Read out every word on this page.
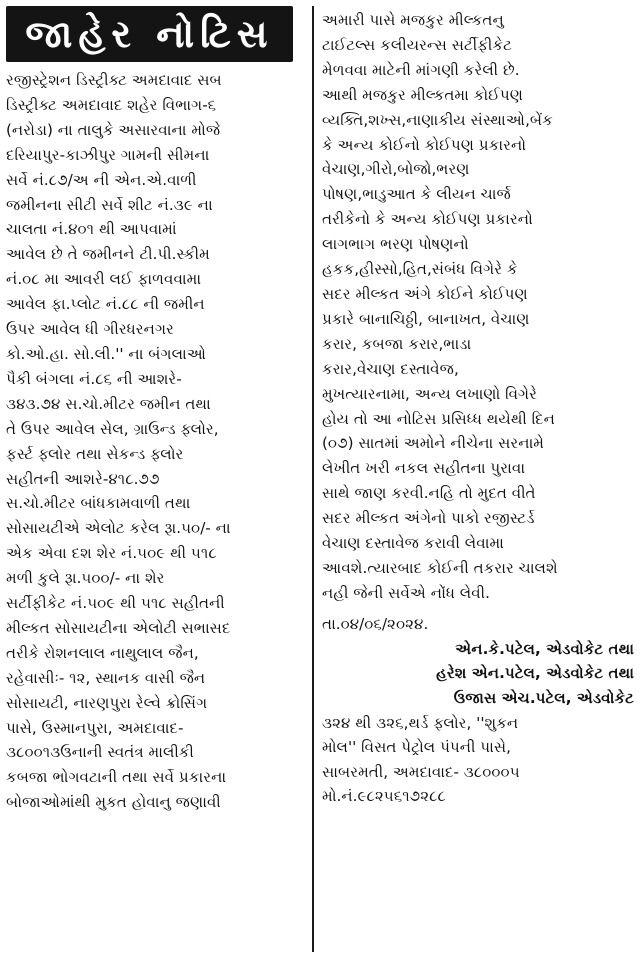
જાહેર નોટિસ
રજીસ્ટ્રેશન ડિસ્ટ્રીક્ટ અમદાવાદ સબ
ડિસ્ટ્રીક્ટ અમદાવાદ શહેર વિભાગ-૬
(નરોડા) ના તાલુકે અસારવાના મોજે
દરિયાપુર-કાઝીપુર ગામની સીમના
સર્વે નં.૮૭/અ ની એન.એ.વાળી
જમીનના સીટી સર્વે શીટ નં.૩૯ ના
ચાલતા નં.૪૦૧ થી આપવામાં
આવેલ છે તે જમીનને ટી.પી.સ્કીમ
નં.૦૮ મા આવરી લઈ ફાળવવામા
આવેલ ફા.પ્લોટ નં.૮૮ ની જમીન
ઉપર આવેલ ધી ગીરધરનગર
કો.ઓ.હા. સો.લી.'' ના બંગલાઓ
પૈકી બંગલા નં.૮૬ ની આશરે-
૩૪૩.૭૪ સ.ચો.મીટર જમીન તથા
તે ઉપર આવેલ સેલ, ગ્રાઉન્ડ ફ્લોર,
ફર્સ્ટ ફ્લોર તથા સેકન્ડ ફ્લોર
સહીતની આશરે-૪૧૮.૭૭
સ.ચો.મીટર બાંધકામવાળી તથા
સોસાયટીએ એલોટ કરેલ રૂા.૫૦/- ના
એક એવા દશ શેર નં.૫૦૯ થી ૫૧૮
મળી કુલે રૂા.૫૦૦/- ના શેર
સર્ટીફીકેટ નં.૫૦૯ થી ૫૧૮ સહીતની
મીલ્કત સોસાયટીના એલોટી સભાસદ
તરીકે રોશનલાલ નાથુલાલ જૈન,
રહેવાસીઃ- ૧૨, સ્થાનક વાસી જૈન
સોસાયટી, નારણપુરા રેલ્વે ક્રોસિંગ
પાસે, ઉસ્માનપુરા, અમદાવાદ-
૩૮૦૦૧૩ઉનાની સ્વતંત્ર માલીકી
કબજા ભોગવટાની તથા સર્વે પ્રકારના
બોજાઓમાંથી મુકત હોવાનુ જણાવી
અમારી પાસે મજકુર મીલ્કતનુ
ટાઈટલ્સ કલીયરન્સ સર્ટીફીકેટ
મેળવવા માટેની માંગણી કરેલી છે.
આથી મજકુર મીલ્કતમા કોઈપણ
વ્યક્તિ,શખ્સ,નાણાકીય સંસ્થાઓ,બેંક
કે અન્ય કોઈનો કોઈપણ પ્રકારનો
વેચાણ,ગીરો,બોજો,ભરણ
પોષણ,ભાડુઆત કે લીયન ચાર્જ
તરીકેનો કે અન્ય કોઈપણ પ્રકારનો
લાગભાગ ભરણ પોષણનો
હકક,હીસ્સો,હિત,સંબંધ વિગેરે કે
સદર મીલ્કત અંગે કોઈને કોઈપણ
પ્રકારે બાનાચિઠ્ઠી, બાનાખત, વેચાણ
કરાર, કબજા કરાર,ભાડા
કરાર,વેચાણ દસ્તાવેજ,
મુખત્યારનામા, અન્ય લખાણો વિગેરે
હોય તો આ નોટિસ પ્રસિધ્ધ થયેથી દિન
(૦૭) સાતમાં અમોને નીચેના સરનામે
લેખીત ખરી નકલ સહીતના પુરાવા
સાથે જાણ કરવી.નહિ તો મુદત વીતે
સદર મીલ્કત અંગેનો પાકો રજીસ્ટર્ડ
વેચાણ દસ્તાવેજ કરાવી લેવામા
આવશે.ત્યારબાદ કોઈની તકરાર ચાલશે
નહી જેની સર્વેએ નોંધ લેવી.
તા.૦૪/૦૬/૨૦૨૪.
એન.કે.પટેલ, એડવોકેટ તથા
હરેશ એન.પટેલ, એડવોકેટ તથા
ઉજાસ એચ.પટેલ, એડવોકેટ
૩૨૪ થી ૩૨૬,થર્ડ ફ્લોર, ''શુકન
મોલ'' વિસત પેટ્રોલ પંપની પાસે,
સાબરમતી, અમદાવાદ- ૩૮૦૦૦૫
મો.નં.૯૮૨૫૬૧૭૨૮૮
